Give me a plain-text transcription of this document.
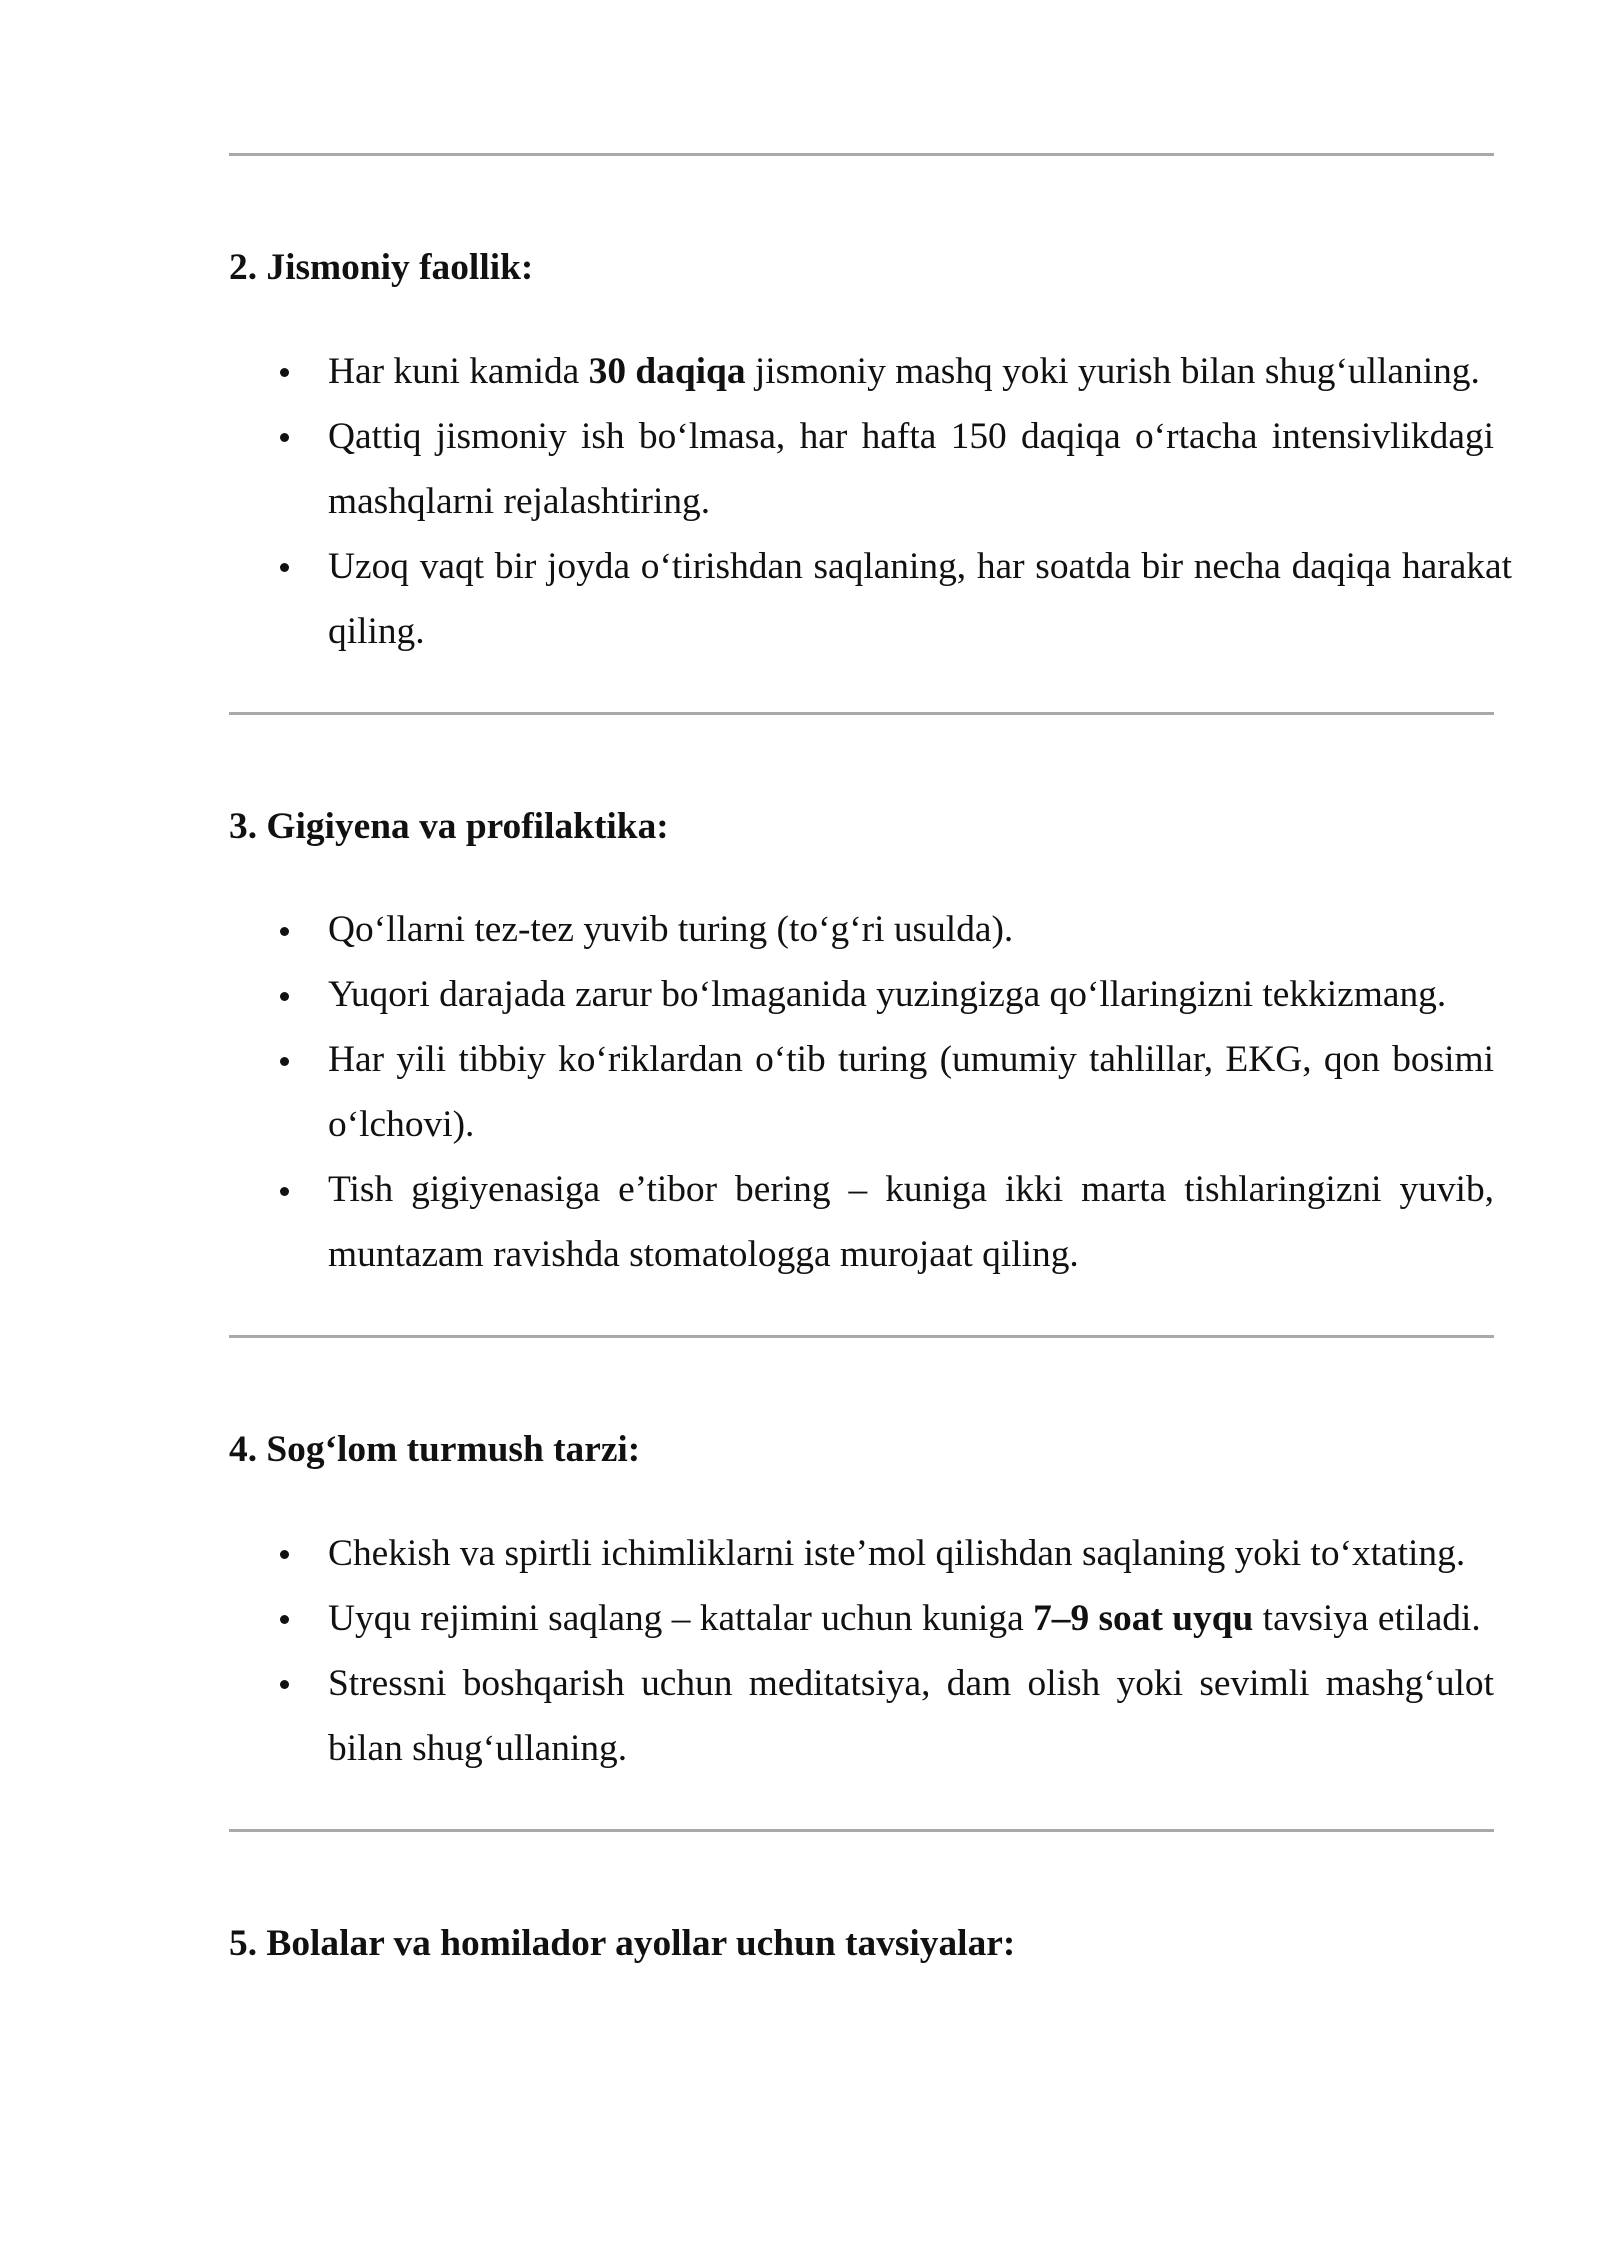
2. Jismoniy faollik:
Har kuni kamida 30 daqiqa jismoniy mashq yoki yurish bilan shug‘ullaning.
Qattiq jismoniy ish bo‘lmasa, har hafta 150 daqiqa o‘rtacha intensivlikdagi mashqlarni rejalashtiring.
Uzoq vaqt bir joyda o‘tirishdan saqlaning, har soatda bir necha daqiqa harakat qiling.
3. Gigiyena va profilaktika:
Qo‘llarni tez-tez yuvib turing (to‘g‘ri usulda).
Yuqori darajada zarur bo‘lmaganida yuzingizga qo‘llaringizni tekkizmang.
Har yili tibbiy ko‘riklardan o‘tib turing (umumiy tahlillar, EKG, qon bosimi o‘lchovi).
Tish gigiyenasiga e’tibor bering – kuniga ikki marta tishlaringizni yuvib, muntazam ravishda stomatologga murojaat qiling.
4. Sog‘lom turmush tarzi:
Chekish va spirtli ichimliklarni iste’mol qilishdan saqlaning yoki to‘xtating.
Uyqu rejimini saqlang – kattalar uchun kuniga 7–9 soat uyqu tavsiya etiladi.
Stressni boshqarish uchun meditatsiya, dam olish yoki sevimli mashg‘ulot bilan shug‘ullaning.
5. Bolalar va homilador ayollar uchun tavsiyalar:
